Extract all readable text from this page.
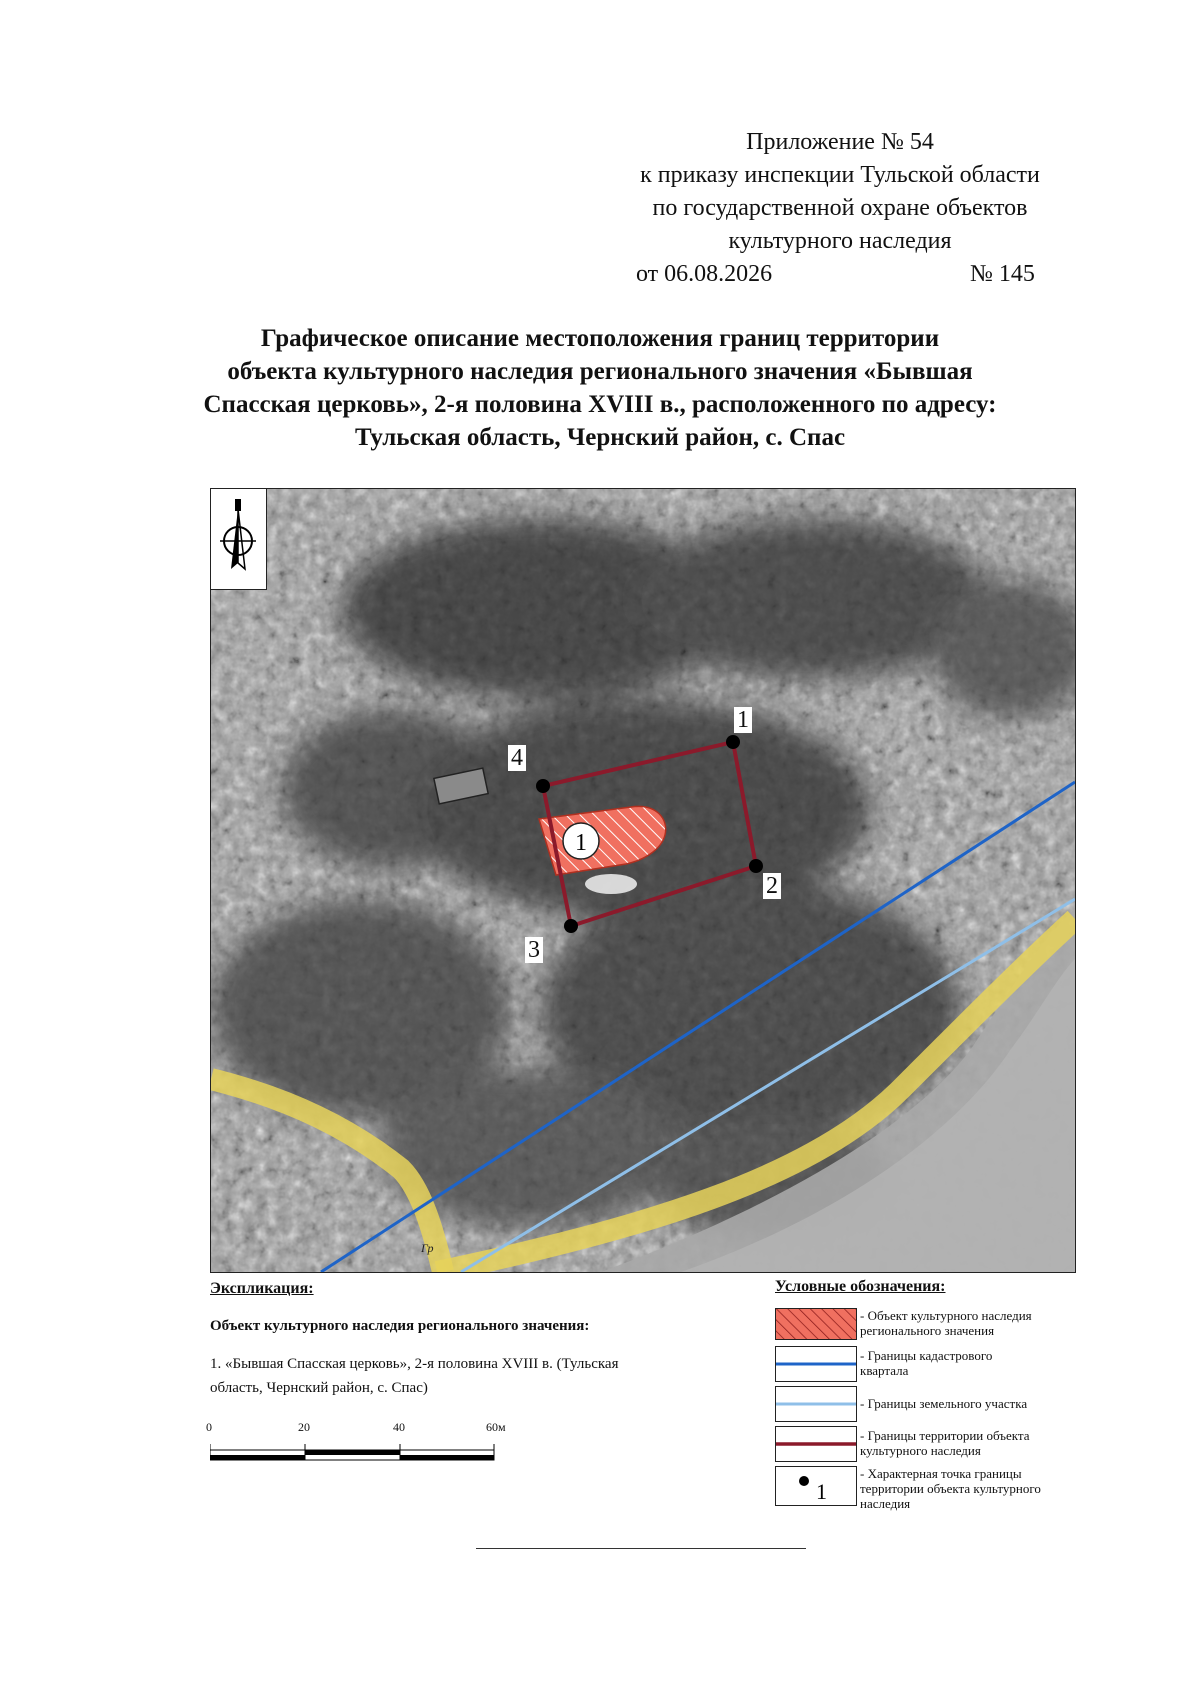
Приложение № 54
к приказу инспекции Тульской области
по государственной охране объектов
культурного наследия
от 06.08.2026	№ 145
Графическое описание местоположения границ территории
объекта культурного наследия регионального значения «Бывшая
Спасская церковь», 2-я половина XVIII в., расположенного по адресу:
Тульская область, Чернский район, с. Спас
1
1
2
3
4
Гр
Экспликация:
Объект культурного наследия регионального значения:
1. «Бывшая Спасская церковь», 2-я половина XVIII в. (Тульская
область, Чернский район, с. Спас)
0	20	40	60м
Условные обозначения:
- Объект культурного наследия
регионального значения
- Границы кадастрового
квартала
- Границы земельного участка
- Границы территории объекта
культурного наследия
1
- Характерная точка границы
территории объекта культурного
наследия
